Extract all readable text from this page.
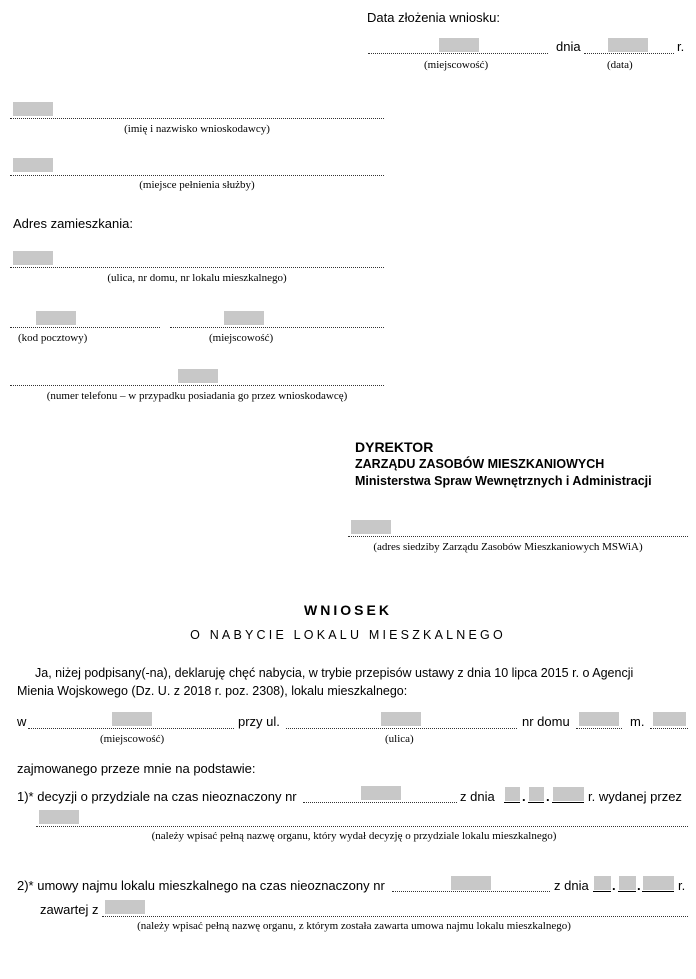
Data złożenia wniosku:
dnia	r.
(miejscowość)	(data)
(imię i nazwisko wnioskodawcy)
(miejsce pełnienia służby)
Adres zamieszkania:
(ulica, nr domu, nr lokalu mieszkalnego)
(kod pocztowy)	(miejscowość)
(numer telefonu – w przypadku posiadania go przez wnioskodawcę)
DYREKTOR
ZARZĄDU ZASOBÓW MIESZKANIOWYCH
Ministerstwa Spraw Wewnętrznych i Administracji
(adres siedziby Zarządu Zasobów Mieszkaniowych MSWiA)
WNIOSEK
O NABYCIE LOKALU MIESZKALNEGO
Ja, niżej podpisany(-na), deklaruję chęć nabycia, w trybie przepisów ustawy z dnia 10 lipca 2015 r. o Agencji
Mienia Wojskowego (Dz. U. z 2018 r. poz. 2308), lokalu mieszkalnego:
w	przy ul.	nr domu	m.
(miejscowość)	(ulica)
zajmowanego przeze mnie na podstawie:
1)* decyzji o przydziale na czas nieoznaczony nr	z dnia . .	r. wydanej przez
(należy wpisać pełną nazwę organu, który wydał decyzję o przydziale lokalu mieszkalnego)
2)* umowy najmu lokalu mieszkalnego na czas nieoznaczony nr	z dnia . .	r.
zawartej z
(należy wpisać pełną nazwę organu, z którym została zawarta umowa najmu lokalu mieszkalnego)
